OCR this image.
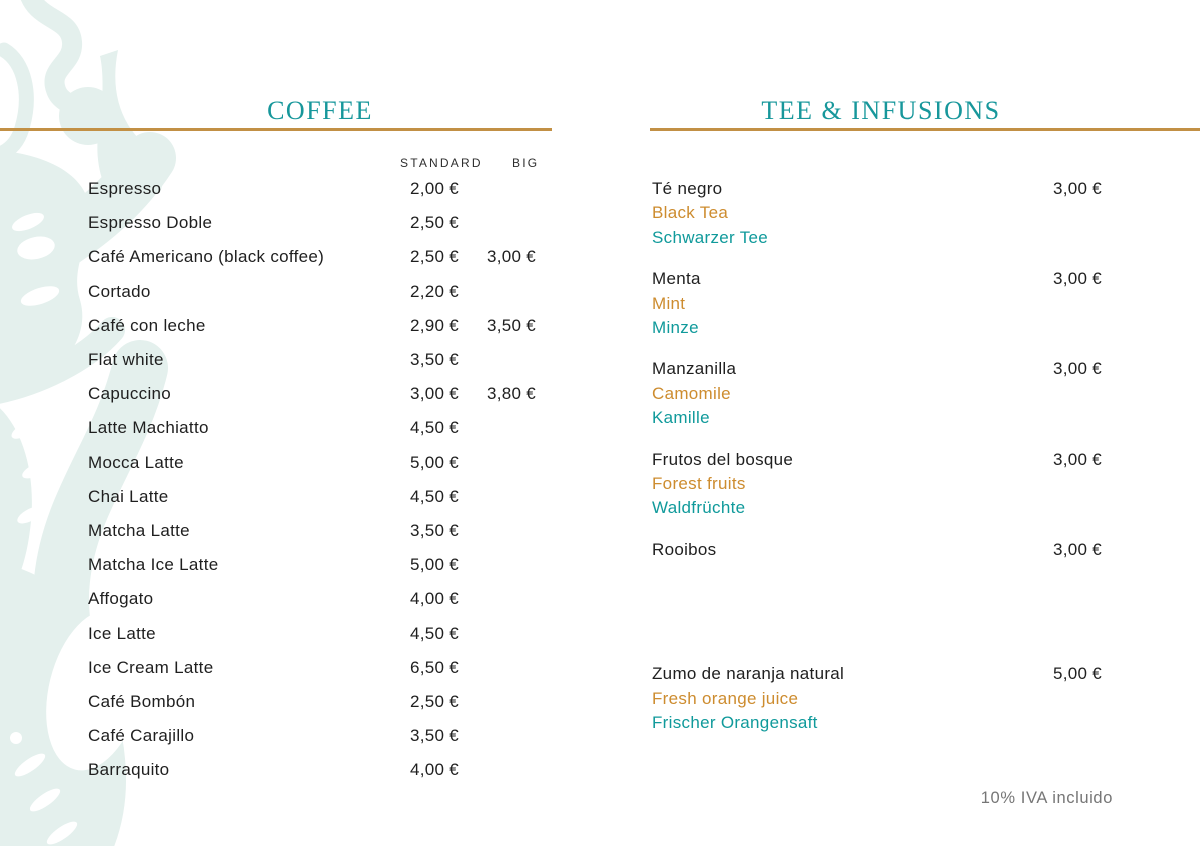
COFFEE
STANDARD BIG
Espresso	2,00 €
Espresso Doble	2,50 €
Café Americano (black coffee)	2,50 €	3,00 €
Cortado	2,20 €
Café con leche	2,90 €	3,50 €
Flat white	3,50 €
Capuccino	3,00 €	3,80 €
Latte Machiatto	4,50 €
Mocca Latte	5,00 €
Chai Latte	4,50 €
Matcha Latte	3,50 €
Matcha Ice Latte	5,00 €
Affogato	4,00 €
Ice Latte	4,50 €
Ice Cream Latte	6,50 €
Café Bombón	2,50 €
Café Carajillo	3,50 €
Barraquito	4,00 €
TEE & INFUSIONS
Té negro	3,00 €
Black Tea
Schwarzer Tee
Menta	3,00 €
Mint
Minze
Manzanilla	3,00 €
Camomile
Kamille
Frutos del bosque	3,00 €
Forest fruits
Waldfrüchte
Rooibos	3,00 €
Zumo de naranja natural	5,00 €
Fresh orange juice
Frischer Orangensaft
10% IVA incluido
